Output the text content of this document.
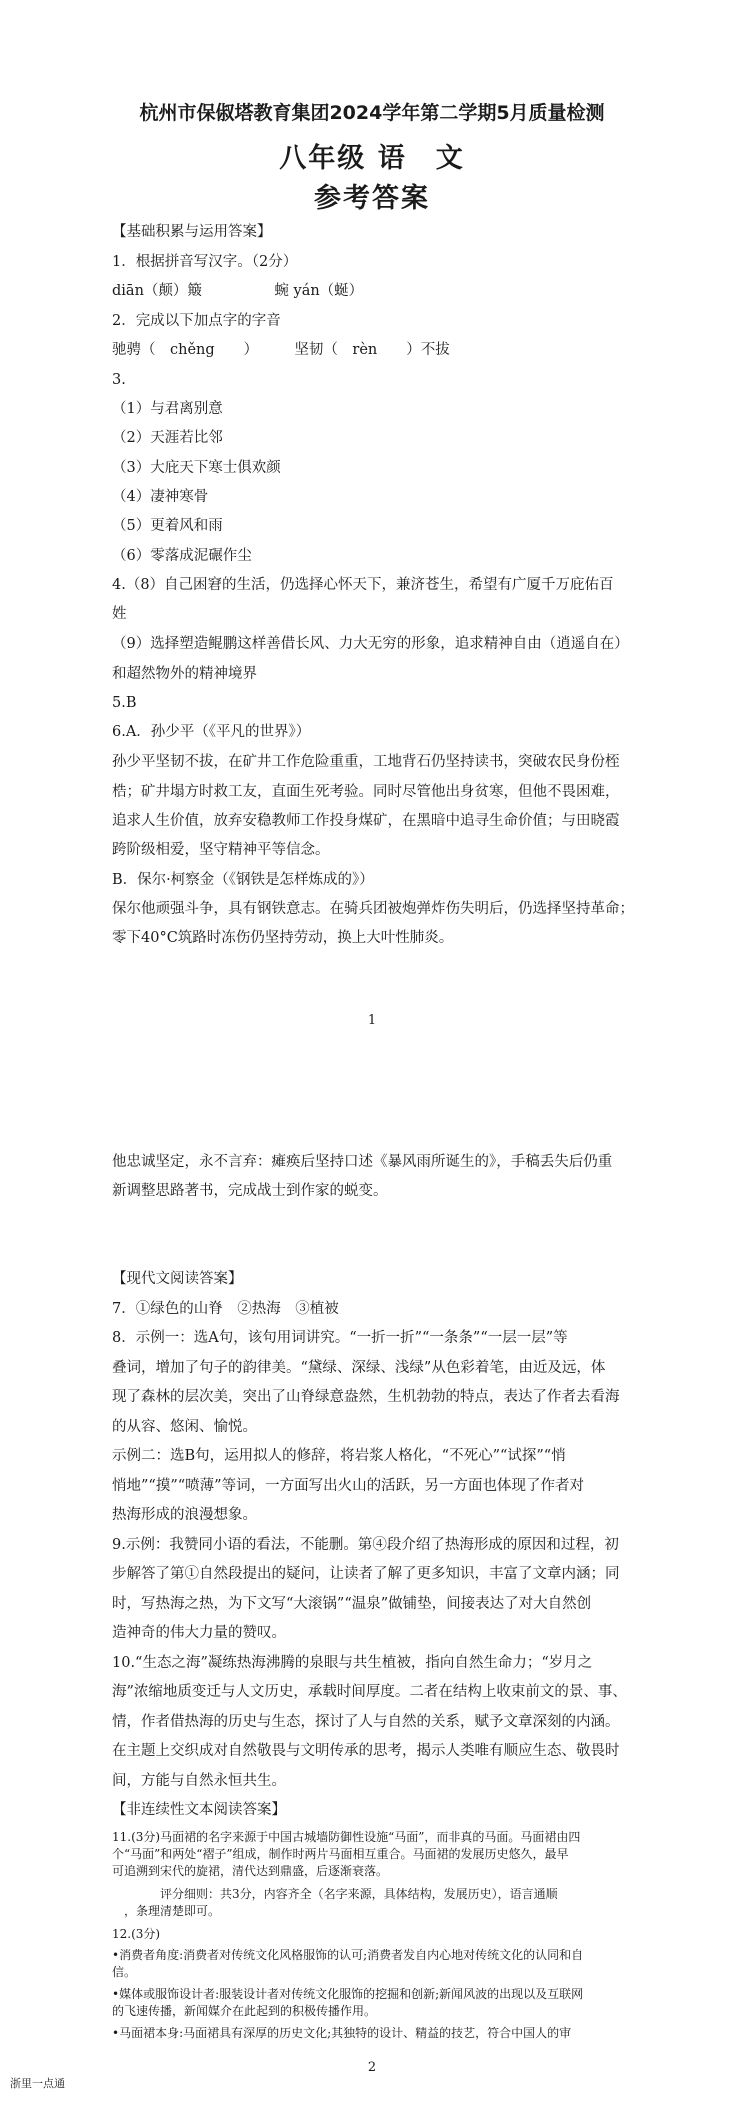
杭州市保俶塔教育集团2024学年第二学期5月质量检测
八年级 语　文
参考答案
【基础积累与运用答案】
1．根据拼音写汉字。（2分）
diān（颠）簸　　　　　蜿 yán（蜒）
2．完成以下加点字的字音
驰骋（　chěng　　）　　　坚韧（　rèn　　）不拔
3.
（1）与君离别意
（2）天涯若比邻
（3）大庇天下寒士俱欢颜
（4）凄神寒骨
（5）更着风和雨
（6）零落成泥碾作尘
4.（8）自己困窘的生活，仍选择心怀天下，兼济苍生，希望有广厦千万庇佑百
姓
（9）选择塑造鲲鹏这样善借长风、力大无穷的形象，追求精神自由（逍遥自在）
和超然物外的精神境界
5.B
6.A．孙少平（《平凡的世界》）
孙少平坚韧不拔，在矿井工作危险重重，工地背石仍坚持读书，突破农民身份桎
梏；矿井塌方时救工友，直面生死考验。同时尽管他出身贫寒，但他不畏困难，
追求人生价值，放弃安稳教师工作投身煤矿，在黑暗中追寻生命价值；与田晓霞
跨阶级相爱，坚守精神平等信念。
B．保尔·柯察金（《钢铁是怎样炼成的》）
保尔他顽强斗争，具有钢铁意志。在骑兵团被炮弹炸伤失明后，仍选择坚持革命；
零下40°C筑路时冻伤仍坚持劳动，换上大叶性肺炎。
1
他忠诚坚定，永不言弃：瘫痪后坚持口述《暴风雨所诞生的》，手稿丢失后仍重
新调整思路著书，完成战士到作家的蜕变。
【现代文阅读答案】
7．①绿色的山脊　②热海　③植被
8．示例一：选A句，该句用词讲究。“一折一折”“一条条”“一层一层”等
叠词，增加了句子的韵律美。“黛绿、深绿、浅绿”从色彩着笔，由近及远，体
现了森林的层次美，突出了山脊绿意盎然，生机勃勃的特点，表达了作者去看海
的从容、悠闲、愉悦。
示例二：选B句，运用拟人的修辞，将岩浆人格化，“不死心”“试探”“悄
悄地”“摸”“喷薄”等词，一方面写出火山的活跃，另一方面也体现了作者对
热海形成的浪漫想象。
9.示例：我赞同小语的看法，不能删。第④段介绍了热海形成的原因和过程，初
步解答了第①自然段提出的疑问，让读者了解了更多知识，丰富了文章内涵；同
时，写热海之热，为下文写“大滚锅”“温泉”做铺垫，间接表达了对大自然创
造神奇的伟大力量的赞叹。
10.“生态之海”凝练热海沸腾的泉眼与共生植被，指向自然生命力；“岁月之
海”浓缩地质变迁与人文历史，承载时间厚度。二者在结构上收束前文的景、事、
情，作者借热海的历史与生态，探讨了人与自然的关系，赋予文章深刻的内涵。
在主题上交织成对自然敬畏与文明传承的思考，揭示人类唯有顺应生态、敬畏时
间，方能与自然永恒共生。
【非连续性文本阅读答案】
11.(3分)马面裙的名字来源于中国古城墙防御性设施“马面”，而非真的马面。马面裙由四
个“马面”和两处“褶子”组成，制作时两片马面相互重合。马面裙的发展历史悠久，最早
可追溯到宋代的旋裙，清代达到鼎盛，后逐渐衰落。
　　　　评分细则：共3分，内容齐全（名字来源，具体结构，发展历史），语言通顺
　，条理清楚即可。
12.(3分)
•消费者角度:消费者对传统文化风格服饰的认可;消费者发自内心地对传统文化的认同和自
信。
•媒体或服饰设计者:服装设计者对传统文化服饰的挖掘和创新;新闻风波的出现以及互联网
的飞速传播，新闻媒介在此起到的积极传播作用。
•马面裙本身:马面裙具有深厚的历史文化;其独特的设计、精益的技艺，符合中国人的审
2
浙里一点通
